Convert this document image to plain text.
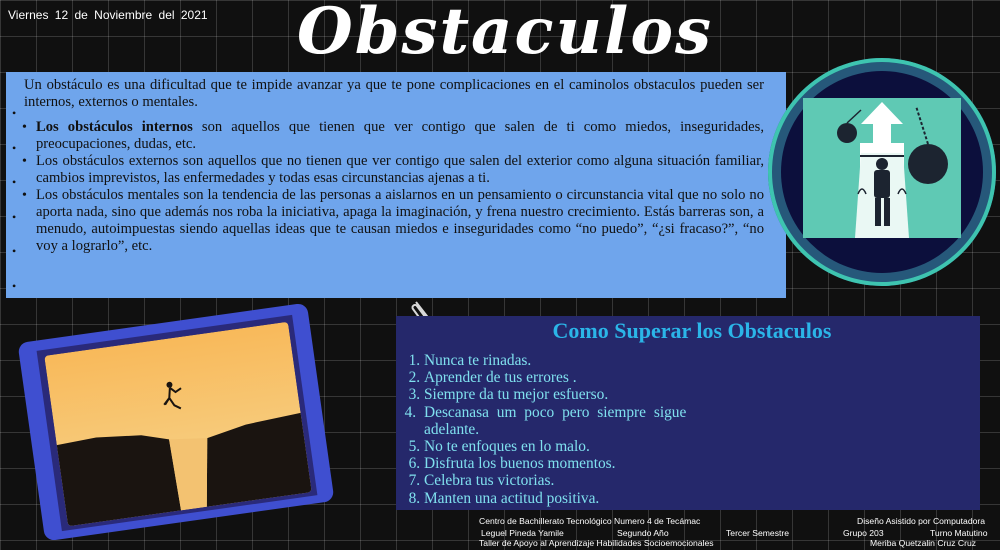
Viernes 12 de Noviembre del 2021	Obstaculos

Un obstáculo es una dificultad que te impide avanzar ya que te pone complicaciones en el caminolos obstaculos pueden ser internos, externos o mentales.

• Los obstáculos internos son aquellos que tienen que ver contigo que salen de ti como miedos, inseguridades, preocupaciones, dudas, etc.
• Los obstáculos externos son aquellos que no tienen que ver contigo que salen del exterior como alguna situación familiar, cambios imprevistos, las enfermedades y todas esas circunstancias ajenas a ti.
• Los obstáculos mentales son la tendencia de las personas a aislarnos en un pensamiento o circunstancia vital que no solo no aporta nada, sino que además nos roba la iniciativa, apaga la imaginación, y frena nuestro crecimiento. Estás barreras son, a menudo, autoimpuestas siendo aquellas ideas que te causan miedos e inseguridades como “no puedo”, “¿si fracaso?”, “no voy a lograrlo”, etc.
•
•
•
•
•
•
Como Superar los Obstaculos
1. Nunca te rinadas.
2. Aprender de tus errores .
3. Siempre da tu mejor esfuerso.
4. Descanasa um poco pero siempre sigue adelante.
5. No te enfoques en lo malo.
6. Disfruta los buenos momentos.
7. Celebra tus victorias.
8. Manten una actitud positiva.
Centro de Bachillerato Tecnológico Numero 4 de Tecámac	Diseño Asistido por Computadora
Leguel Pineda Yamile	Segundo Año	Tercer Semestre	Grupo 203	Turno Matutino
Taller de Apoyo al Aprendizaje Habilidades Socioemocionales	Meriba Quetzalin Cruz Cruz
